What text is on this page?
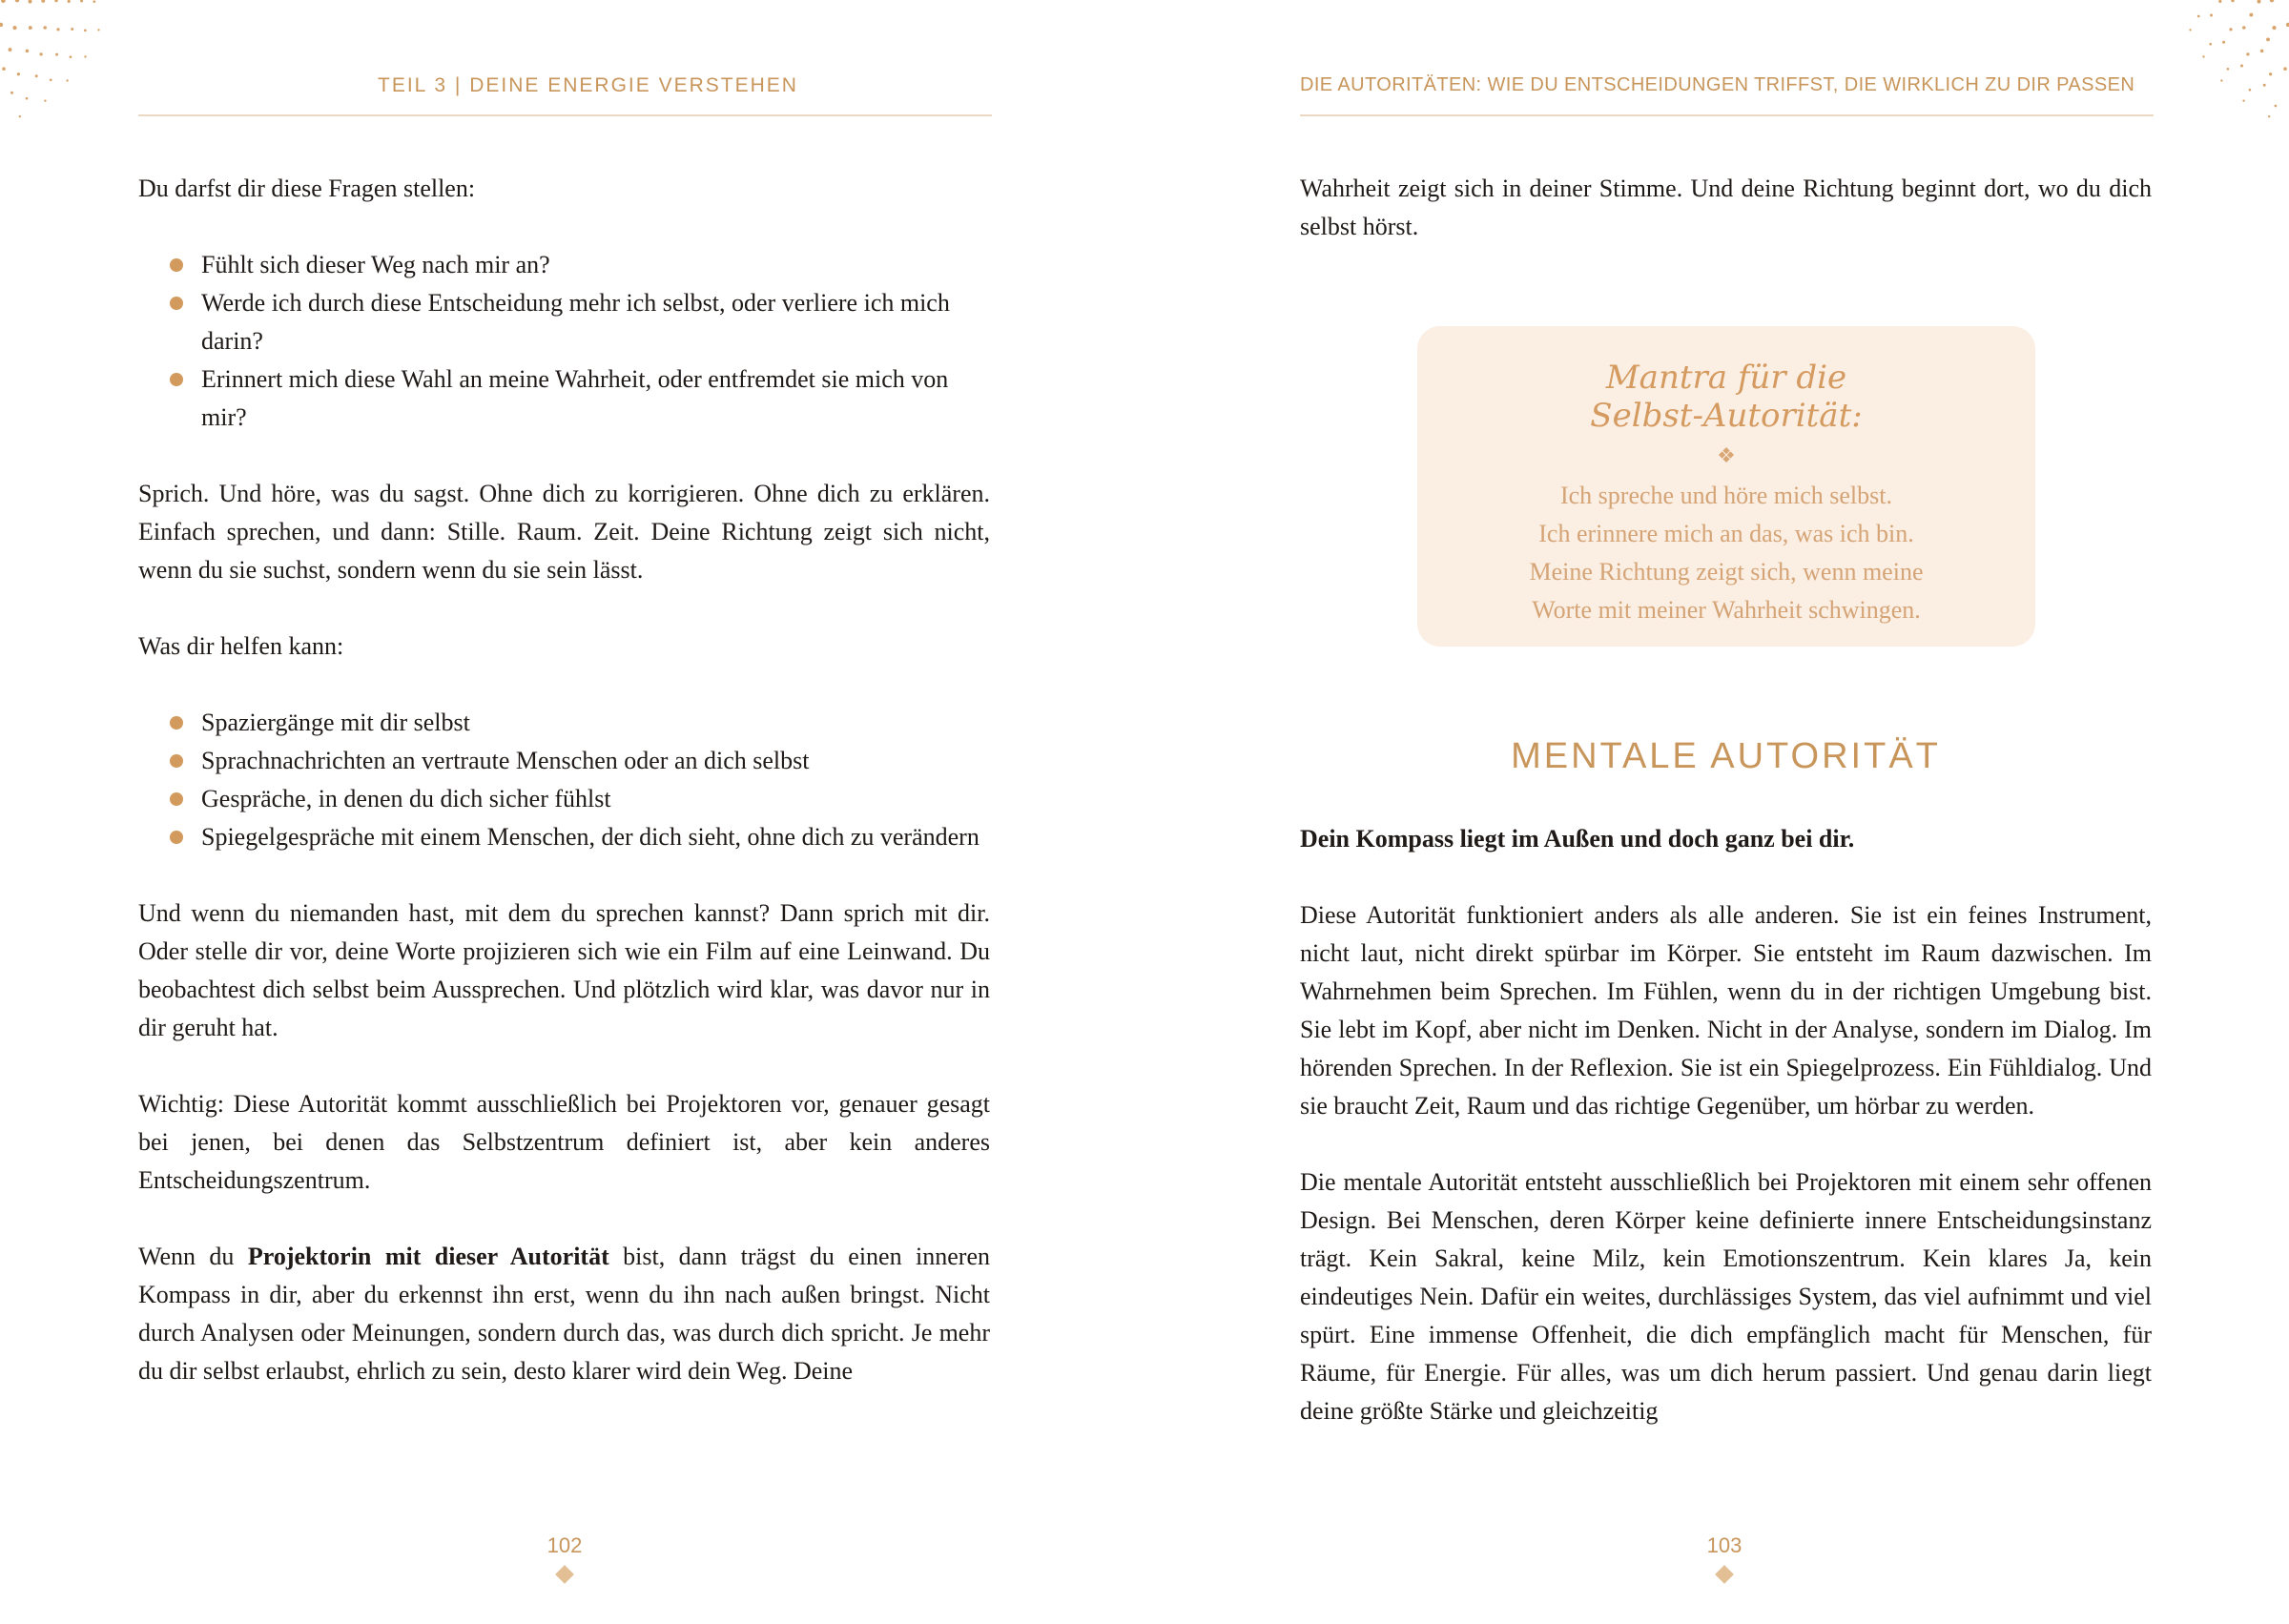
TEIL 3 | DEINE ENERGIE VERSTEHEN

Du darfst dir diese Fragen stellen:

Fühlt sich dieser Weg nach mir an?
Werde ich durch diese Entscheidung mehr ich selbst, oder verliere ich mich darin?
Erinnert mich diese Wahl an meine Wahrheit, oder entfremdet sie mich von mir?

Sprich. Und höre, was du sagst. Ohne dich zu korrigieren. Ohne dich zu erklären. Einfach sprechen, und dann: Stille. Raum. Zeit. Deine Richtung zeigt sich nicht, wenn du sie suchst, sondern wenn du sie sein lässt.

Was dir helfen kann:

Spaziergänge mit dir selbst
Sprachnachrichten an vertraute Menschen oder an dich selbst
Gespräche, in denen du dich sicher fühlst
Spiegelgespräche mit einem Menschen, der dich sieht, ohne dich zu verändern

Und wenn du niemanden hast, mit dem du sprechen kannst? Dann sprich mit dir. Oder stelle dir vor, deine Worte projizieren sich wie ein Film auf eine Leinwand. Du beobachtest dich selbst beim Aussprechen. Und plötzlich wird klar, was davor nur in dir geruht hat.

Wichtig: Diese Autorität kommt ausschließlich bei Projektoren vor, genauer gesagt bei jenen, bei denen das Selbstzentrum definiert ist, aber kein anderes Entscheidungszentrum.

Wenn du Projektorin mit dieser Autorität bist, dann trägst du einen inneren Kompass in dir, aber du erkennst ihn erst, wenn du ihn nach außen bringst. Nicht durch Analysen oder Meinungen, sondern durch das, was durch dich spricht. Je mehr du dir selbst erlaubst, ehrlich zu sein, desto klarer wird dein Weg. Deine

102
DIE AUTORITÄTEN: WIE DU ENTSCHEIDUNGEN TRIFFST, DIE WIRKLICH ZU DIR PASSEN

Wahrheit zeigt sich in deiner Stimme. Und deine Richtung beginnt dort, wo du dich selbst hörst.

Mantra für die
Selbst-Autorität:
❖
Ich spreche und höre mich selbst.
Ich erinnere mich an das, was ich bin.
Meine Richtung zeigt sich, wenn meine
Worte mit meiner Wahrheit schwingen.
MENTALE AUTORITÄT

Dein Kompass liegt im Außen und doch ganz bei dir.

Diese Autorität funktioniert anders als alle anderen. Sie ist ein feines Instrument, nicht laut, nicht direkt spürbar im Körper. Sie entsteht im Raum dazwischen. Im Wahrnehmen beim Sprechen. Im Fühlen, wenn du in der richtigen Umgebung bist. Sie lebt im Kopf, aber nicht im Denken. Nicht in der Analyse, sondern im Dialog. Im hörenden Sprechen. In der Reflexion. Sie ist ein Spiegelprozess. Ein Fühldialog. Und sie braucht Zeit, Raum und das richtige Gegenüber, um hörbar zu werden.

Die mentale Autorität entsteht ausschließlich bei Projektoren mit einem sehr offenen Design. Bei Menschen, deren Körper keine definierte innere Entscheidungsinstanz trägt. Kein Sakral, keine Milz, kein Emotionszentrum. Kein klares Ja, kein eindeutiges Nein. Dafür ein weites, durchlässiges System, das viel aufnimmt und viel spürt. Eine immense Offenheit, die dich empfänglich macht für Menschen, für Räume, für Energie. Für alles, was um dich herum passiert. Und genau darin liegt deine größte Stärke und gleichzeitig

103
